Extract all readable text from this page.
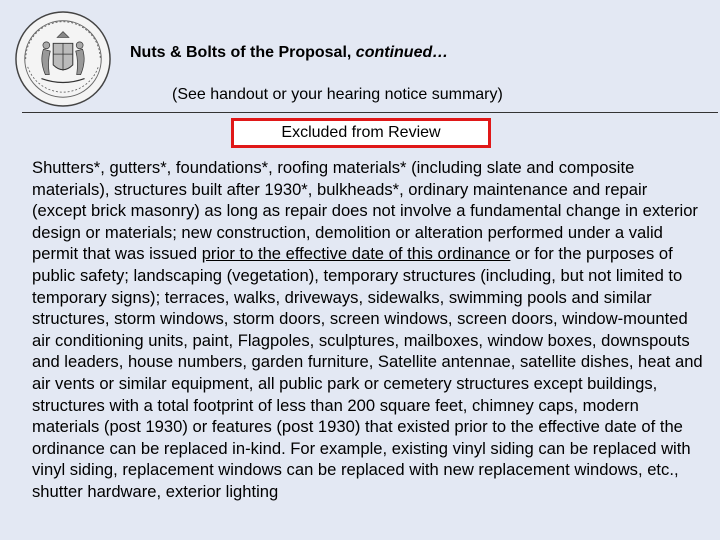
Nuts & Bolts of the Proposal, continued…
(See handout or your hearing notice summary)
Excluded from Review
Shutters*, gutters*, foundations*, roofing materials* (including slate and composite materials), structures built after 1930*, bulkheads*, ordinary maintenance and repair (except brick masonry) as long as repair does not involve a fundamental change in exterior design or materials; new construction, demolition or alteration performed under a valid permit that was issued prior to the effective date of this ordinance or for the purposes of public safety; landscaping (vegetation), temporary structures (including, but not limited to temporary signs); terraces, walks, driveways, sidewalks, swimming pools and similar structures, storm windows, storm doors, screen windows, screen doors, window-mounted air conditioning units, paint, Flagpoles, sculptures, mailboxes, window boxes, downspouts and leaders, house numbers, garden furniture, Satellite antennae, satellite dishes, heat and air vents or similar equipment, all public park or cemetery structures except buildings, structures with a total footprint of less than 200 square feet, chimney caps, modern materials (post 1930) or features (post 1930) that existed prior to the effective date of the ordinance can be replaced in-kind. For example, existing vinyl siding can be replaced with vinyl siding, replacement windows can be replaced with new replacement windows, etc., shutter hardware, exterior lighting
